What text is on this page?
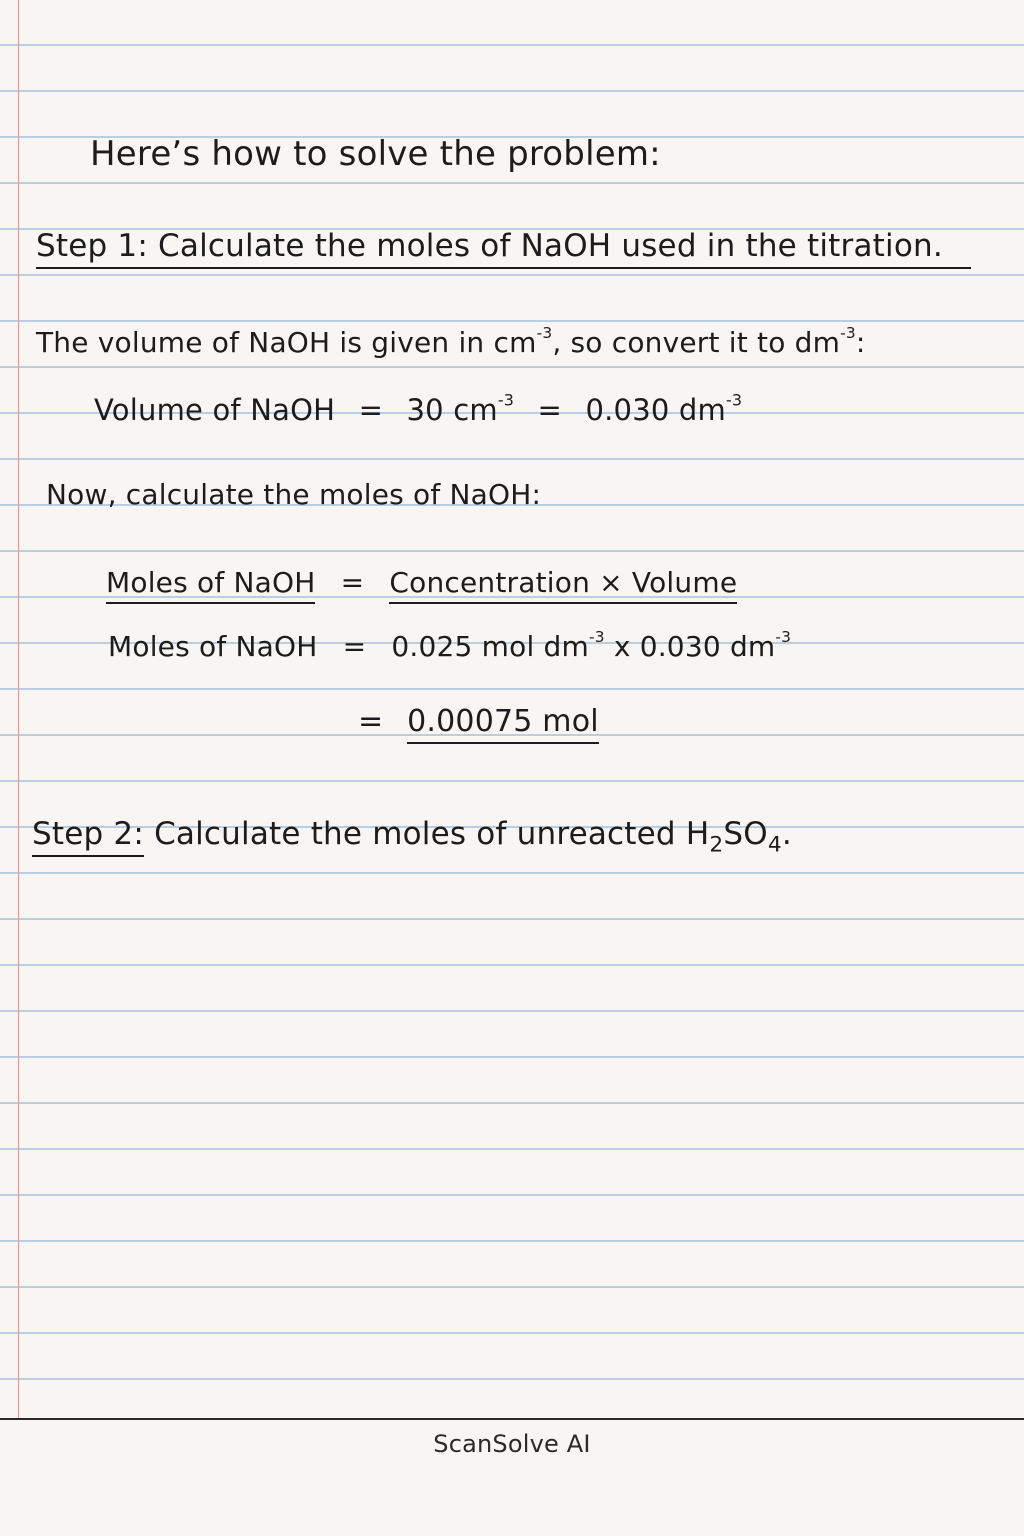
Here’s how to solve the problem:
Step 1: Calculate the moles of NaOH used in the titration.
The volume of NaOH is given in $cm^{-3}$, so convert it to $dm^{-3}$:
Volume of NaOH = 30 $cm^{-3} = 0.030$ $dm^{-3}$
Now, calculate the moles of NaOH:
Moles of NaOH = Concentration × Volume
Moles of NaOH = 0.025 mol $dm^{-3}$ x 0.030 $dm^{-3}$
= 0.00075 mol
Step 2: Calculate the moles of unreacted $H_2SO_4$.
ScanSolve AI
